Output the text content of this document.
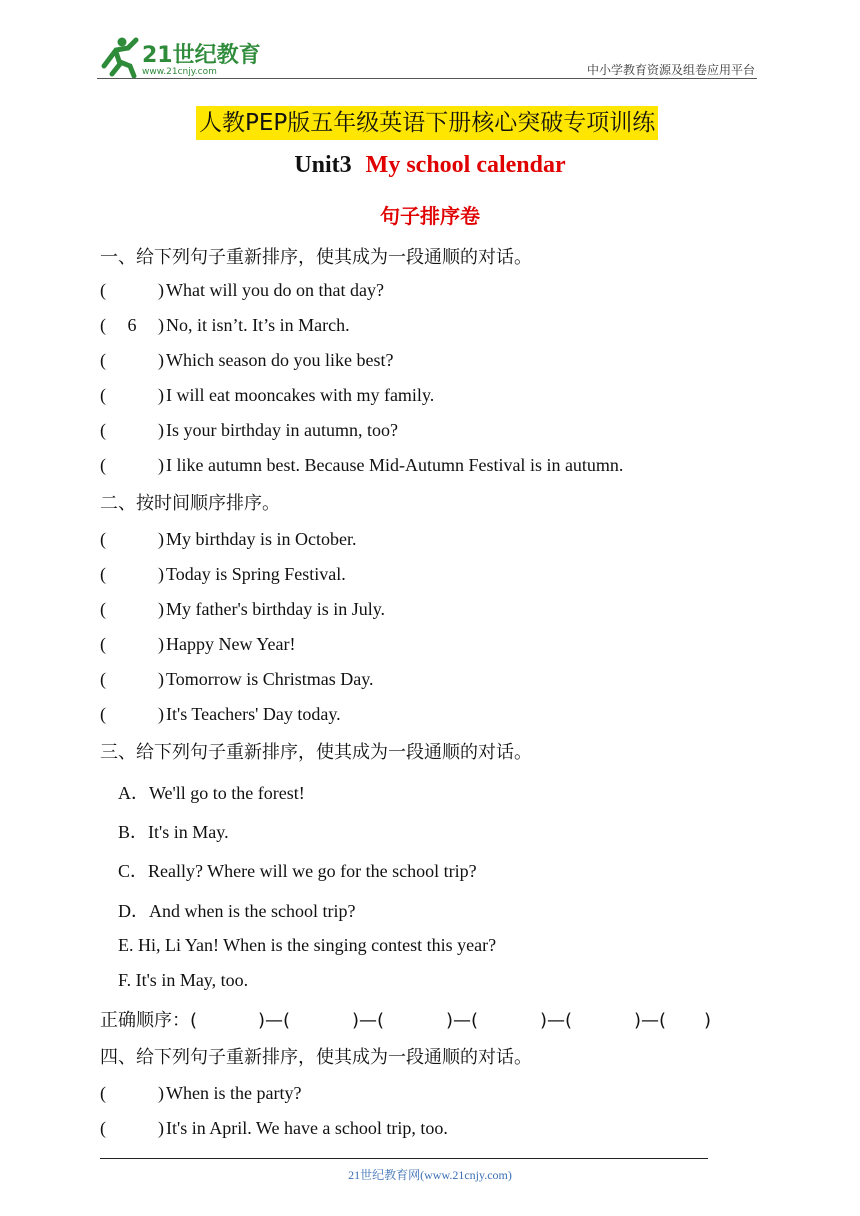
21世纪教育
www.21cnjy.com	中小学教育资源及组卷应用平台
人教PEP版五年级英语下册核心突破专项训练
Unit3 My school calendar
句子排序卷
一、给下列句子重新排序，使其成为一段通顺的对话。
(	) What will you do on that day?
( 6 ) No, it isn’t. It’s in March.
(	) Which season do you like best?
(	) I will eat mooncakes with my family.
(	) Is your birthday in autumn, too?
(	) I like autumn best. Because Mid-Autumn Festival is in autumn.
二、按时间顺序排序。
(	) My birthday is in October.
(	) Today is Spring Festival.
(	) My father's birthday is in July.
(	) Happy New Year!
(	) Tomorrow is Christmas Day.
(	) It's Teachers' Day today.
三、给下列句子重新排序，使其成为一段通顺的对话。
A．We'll go to the forest!
B．It's in May.
C．Really? Where will we go for the school trip?
D．And when is the school trip?
E. Hi, Li Yan! When is the singing contest this year?
F. It's in May, too.
正确顺序：(	)—(	)—(	)—(	)—(	)—( )
四、给下列句子重新排序，使其成为一段通顺的对话。
(	) When is the party?
(	) It's in April. We have a school trip, too.
21世纪教育网(www.21cnjy.com)
